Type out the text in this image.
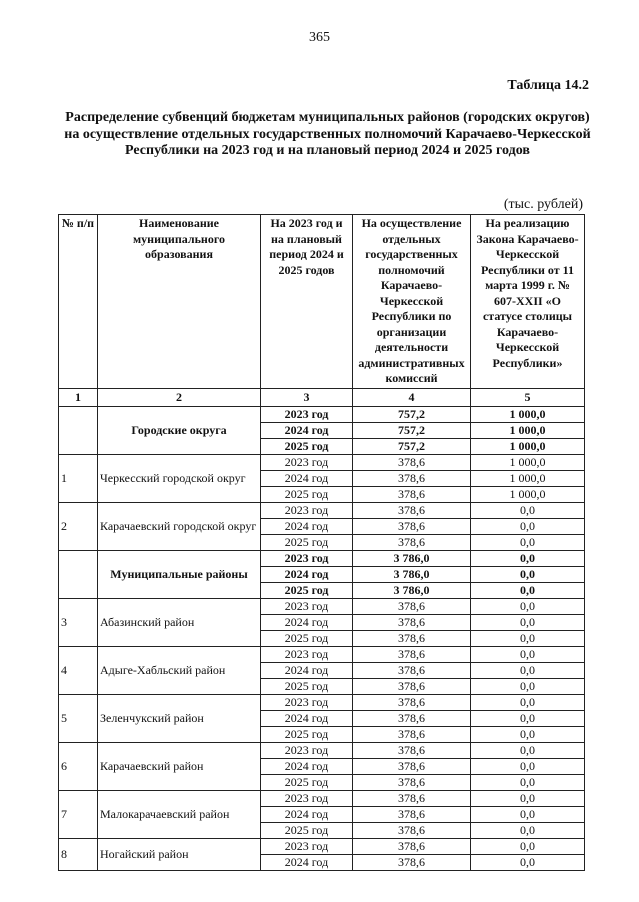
365
Таблица 14.2
Распределение субвенций бюджетам муниципальных районов (городских округов) на осуществление отдельных государственных полномочий Карачаево-Черкесской Республики на 2023 год и на плановый период 2024 и 2025 годов
(тыс. рублей)
№ п/п	Наименование муниципального образования	На 2023 год и на плановый период 2024 и 2025 годов	На осуществление отдельных государственных полномочий Карачаево-Черкесской Республики по организации деятельности административных комиссий	На реализацию Закона Карачаево-Черкесской Республики от 11 марта 1999 г. № 607-XXII «О статусе столицы Карачаево-Черкесской Республики»
1	2	3	4	5
	Городские округа	2023 год	757,2	1 000,0
		2024 год	757,2	1 000,0
		2025 год	757,2	1 000,0
1	Черкесский городской округ	2023 год	378,6	1 000,0
		2024 год	378,6	1 000,0
		2025 год	378,6	1 000,0
2	Карачаевский городской округ	2023 год	378,6	0,0
		2024 год	378,6	0,0
		2025 год	378,6	0,0
	Муниципальные районы	2023 год	3 786,0	0,0
		2024 год	3 786,0	0,0
		2025 год	3 786,0	0,0
3	Абазинский район	2023 год	378,6	0,0
		2024 год	378,6	0,0
		2025 год	378,6	0,0
4	Адыге-Хабльский район	2023 год	378,6	0,0
		2024 год	378,6	0,0
		2025 год	378,6	0,0
5	Зеленчукский район	2023 год	378,6	0,0
		2024 год	378,6	0,0
		2025 год	378,6	0,0
6	Карачаевский район	2023 год	378,6	0,0
		2024 год	378,6	0,0
		2025 год	378,6	0,0
7	Малокарачаевский район	2023 год	378,6	0,0
		2024 год	378,6	0,0
		2025 год	378,6	0,0
8	Ногайский район	2023 год	378,6	0,0
		2024 год	378,6	0,0
